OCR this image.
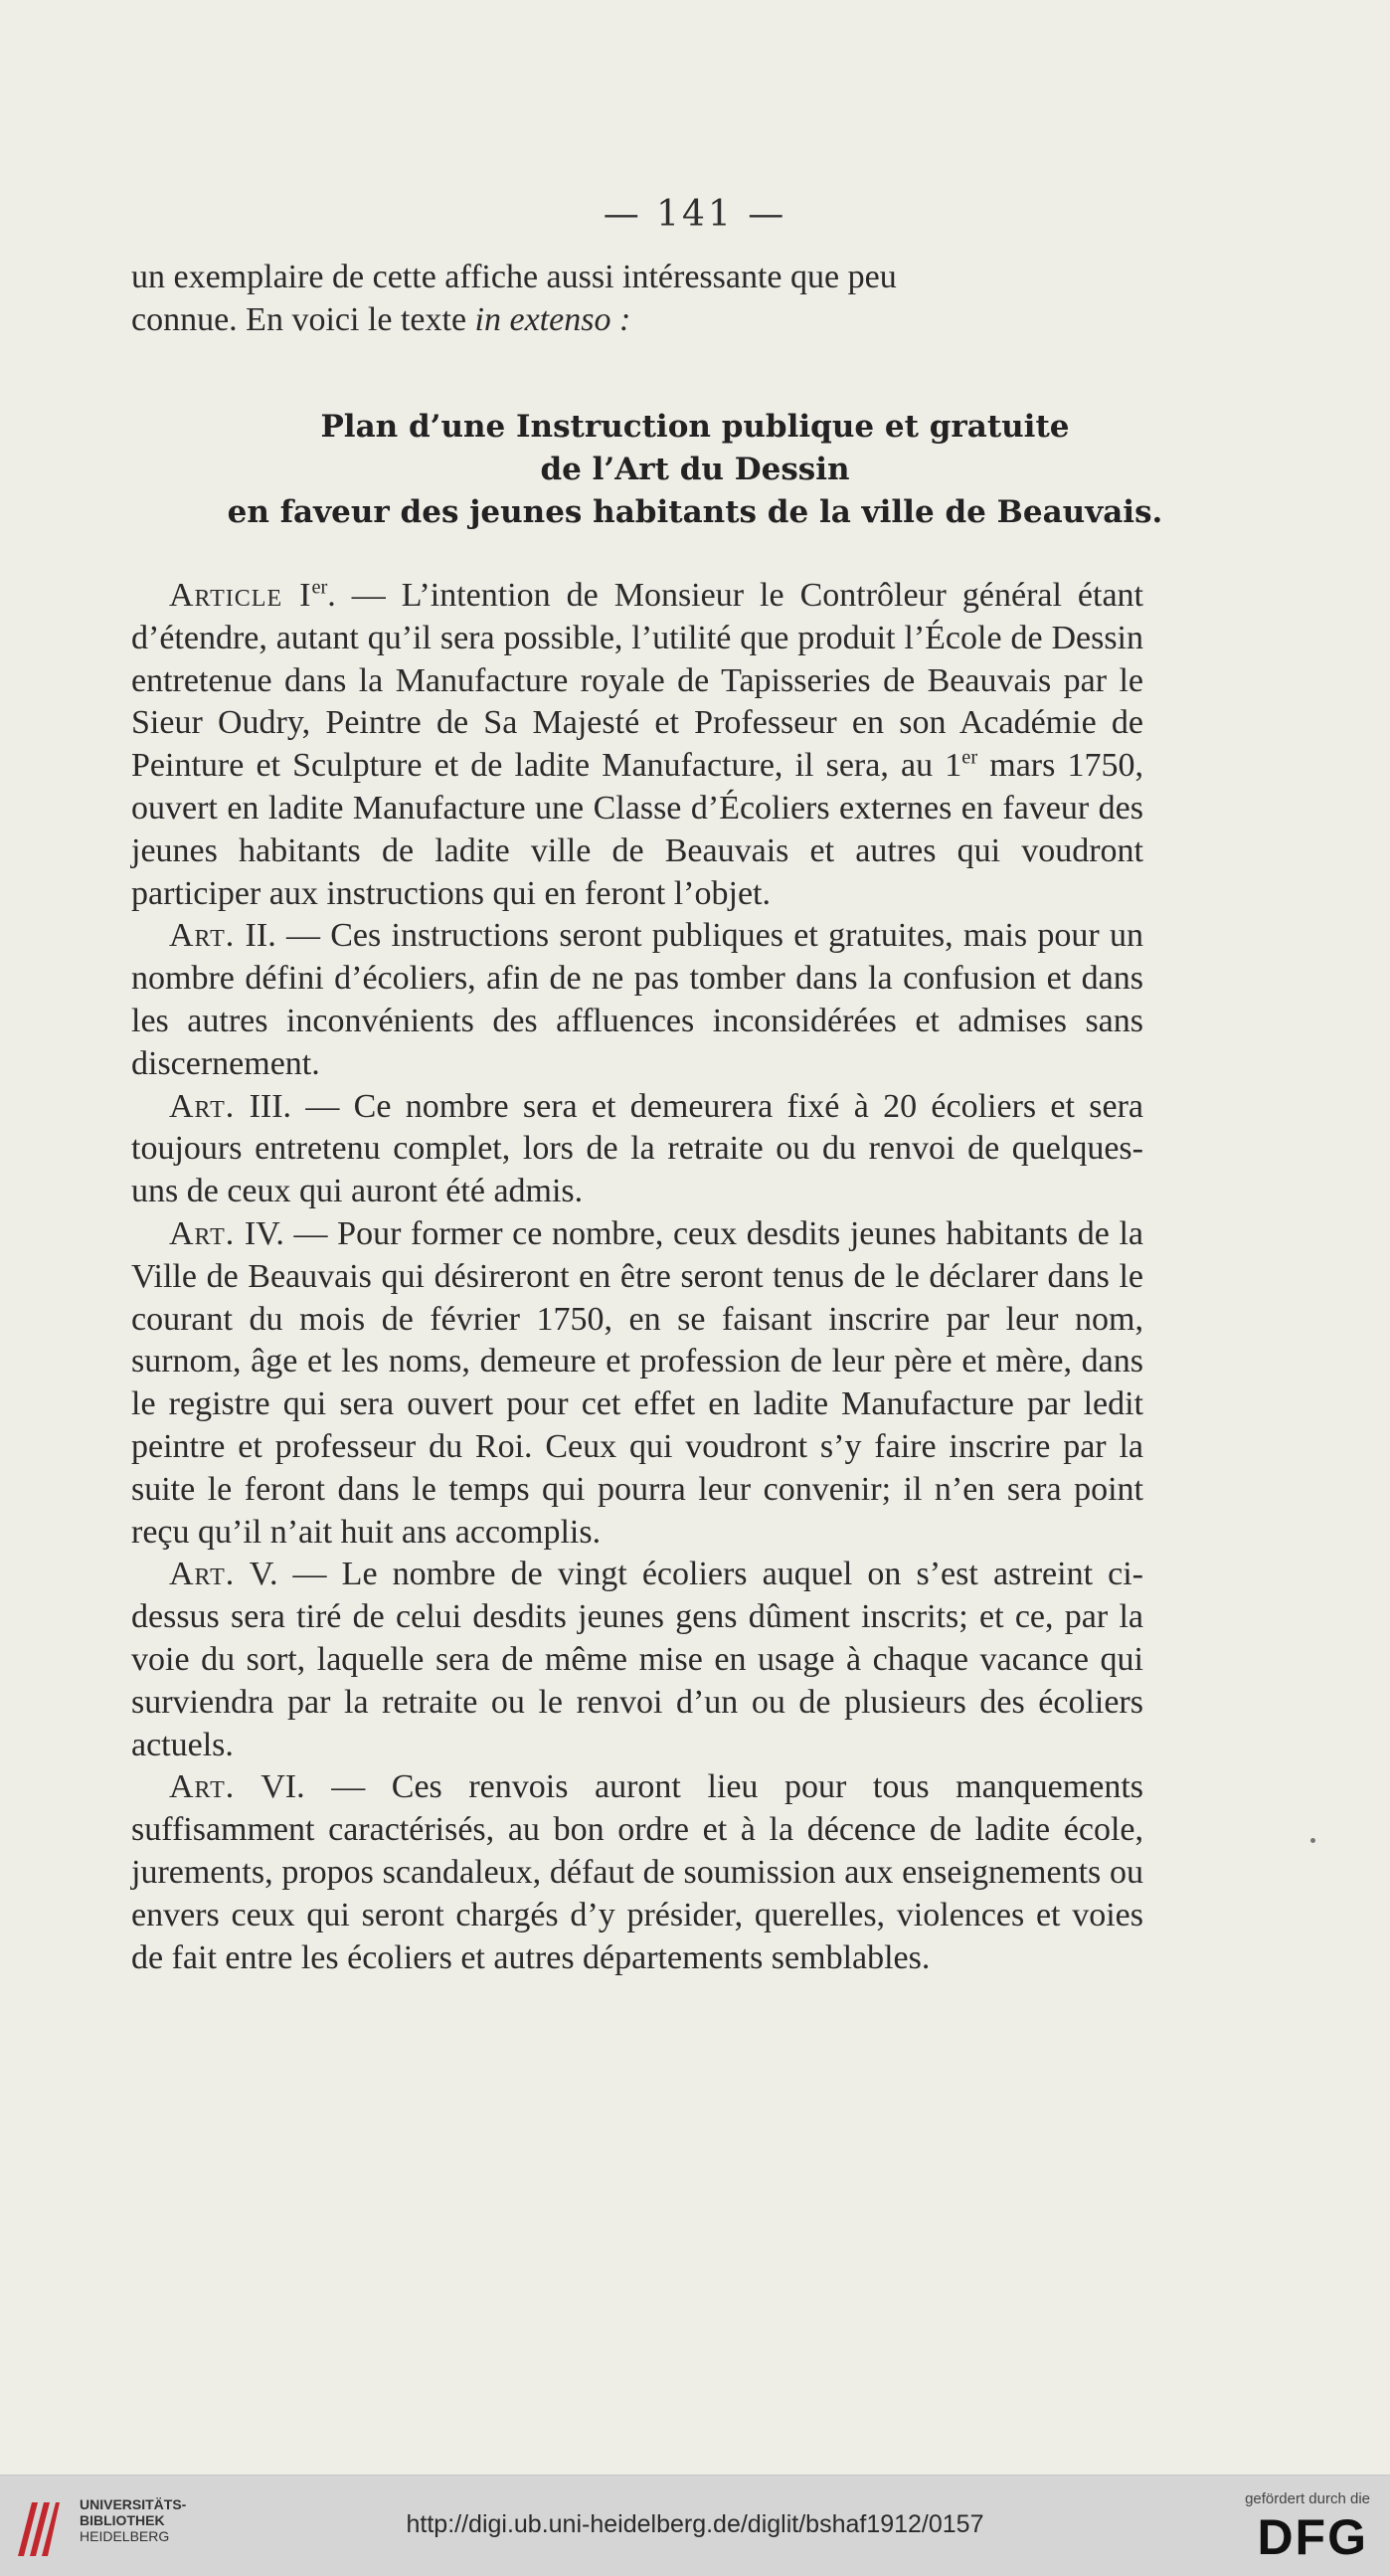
— 141 —

un exemplaire de cette affiche aussi intéressante que peu

connue. En voici le texte in extenso :

Plan d’une Instruction publique et gratuite
de l’Art du Dessin
en faveur des jeunes habitants de la ville de Beauvais.

Article Ier. — L’intention de Monsieur le Contrôleur général étant d’étendre, autant qu’il sera possible, l’utilité que produit l’École de Dessin entretenue dans la Manufacture royale de Tapisseries de Beauvais par le Sieur Oudry, Peintre de Sa Majesté et Professeur en son Académie de Peinture et Sculpture et de ladite Manufacture, il sera, au 1er mars 1750, ouvert en ladite Manufacture une Classe d’Écoliers externes en faveur des jeunes habitants de ladite ville de Beauvais et autres qui voudront participer aux instructions qui en feront l’objet.

Art. II. — Ces instructions seront publiques et gratuites, mais pour un nombre défini d’écoliers, afin de ne pas tomber dans la confusion et dans les autres inconvénients des affluences inconsidérées et admises sans discernement.

Art. III. — Ce nombre sera et demeurera fixé à 20 écoliers et sera toujours entretenu complet, lors de la retraite ou du renvoi de quelques-uns de ceux qui auront été admis.

Art. IV. — Pour former ce nombre, ceux desdits jeunes habitants de la Ville de Beauvais qui désireront en être seront tenus de le déclarer dans le courant du mois de février 1750, en se faisant inscrire par leur nom, surnom, âge et les noms, demeure et profession de leur père et mère, dans le registre qui sera ouvert pour cet effet en ladite Manufacture par ledit peintre et professeur du Roi. Ceux qui voudront s’y faire inscrire par la suite le feront dans le temps qui pourra leur convenir; il n’en sera point reçu qu’il n’ait huit ans accomplis.

Art. V. — Le nombre de vingt écoliers auquel on s’est astreint ci-dessus sera tiré de celui desdits jeunes gens dûment inscrits; et ce, par la voie du sort, laquelle sera de même mise en usage à chaque vacance qui surviendra par la retraite ou le renvoi d’un ou de plusieurs des écoliers actuels.

Art. VI. — Ces renvois auront lieu pour tous manquements suffisamment caractérisés, au bon ordre et à la décence de ladite école, jurements, propos scandaleux, défaut de soumission aux enseignements ou envers ceux qui seront chargés d’y présider, querelles, violences et voies de fait entre les écoliers et autres départements semblables.

UNIVERSITÄTS-
BIBLIOTHEK
HEIDELBERG	http://digi.ub.uni-heidelberg.de/diglit/bshaf1912/0157
gefördert durch die
DFG
